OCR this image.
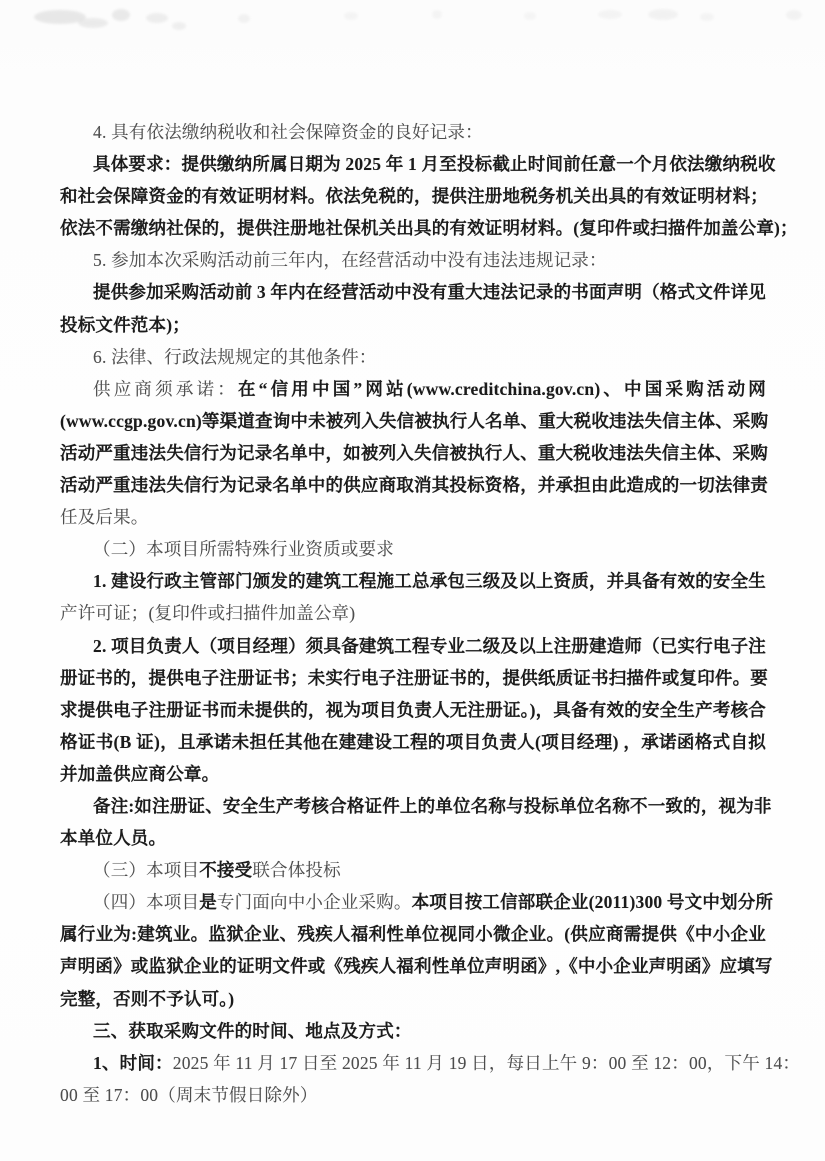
4. 具有依法缴纳税收和社会保障资金的良好记录：
具体要求：提供缴纳所属日期为 2025 年 1 月至投标截止时间前任意一个月依法缴纳税收
和社会保障资金的有效证明材料。依法免税的，提供注册地税务机关出具的有效证明材料；
依法不需缴纳社保的，提供注册地社保机关出具的有效证明材料。(复印件或扫描件加盖公章)；
5. 参加本次采购活动前三年内，在经营活动中没有违法违规记录：
提供参加采购活动前 3 年内在经营活动中没有重大违法记录的书面声明（格式文件详见
投标文件范本)；
6. 法律、行政法规规定的其他条件：
供应商须承诺：在“信用中国”网站(www.creditchina.gov.cn)、中国采购活动网
(www.ccgp.gov.cn)等渠道查询中未被列入失信被执行人名单、重大税收违法失信主体、采购
活动严重违法失信行为记录名单中，如被列入失信被执行人、重大税收违法失信主体、采购
活动严重违法失信行为记录名单中的供应商取消其投标资格，并承担由此造成的一切法律责
任及后果。
（二）本项目所需特殊行业资质或要求
1. 建设行政主管部门颁发的建筑工程施工总承包三级及以上资质，并具备有效的安全生
产许可证；(复印件或扫描件加盖公章)
2. 项目负责人（项目经理）须具备建筑工程专业二级及以上注册建造师（已实行电子注
册证书的，提供电子注册证书；未实行电子注册证书的，提供纸质证书扫描件或复印件。要
求提供电子注册证书而未提供的，视为项目负责人无注册证。)，具备有效的安全生产考核合
格证书(B 证)，且承诺未担任其他在建建设工程的项目负责人(项目经理) ，承诺函格式自拟
并加盖供应商公章。
备注:如注册证、安全生产考核合格证件上的单位名称与投标单位名称不一致的，视为非
本单位人员。
（三）本项目不接受联合体投标
（四）本项目是专门面向中小企业采购。本项目按工信部联企业(2011)300 号文中划分所
属行业为:建筑业。监狱企业、残疾人福利性单位视同小微企业。(供应商需提供《中小企业
声明函》或监狱企业的证明文件或《残疾人福利性单位声明函》,《中小企业声明函》应填写
完整，否则不予认可。)
三、获取采购文件的时间、地点及方式：
1、时间：2025 年 11 月 17 日至 2025 年 11 月 19 日，每日上午 9：00 至 12：00，下午 14：
00 至 17：00（周末节假日除外）
